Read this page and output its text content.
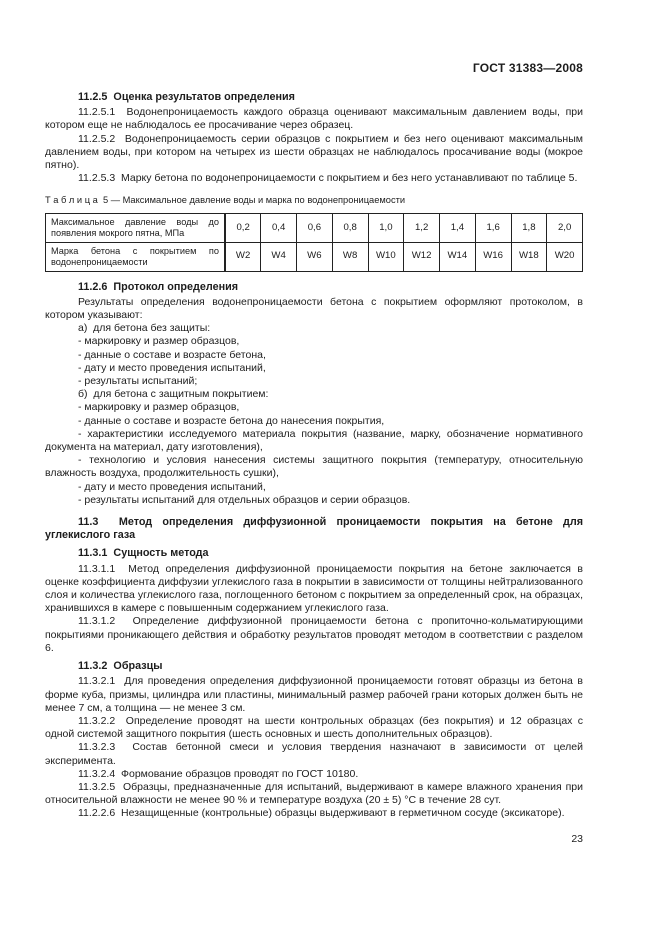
ГОСТ 31383—2008

11.2.5  Оценка результатов определения

11.2.5.1  Водонепроницаемость каждого образца оценивают максимальным давлением воды, при котором еще не наблюдалось ее просачивание через образец.

11.2.5.2  Водонепроницаемость серии образцов с покрытием и без него оценивают максимальным давлением воды, при котором на четырех из шести образцах не наблюдалось просачивание воды (мокрое пятно).

11.2.5.3  Марку бетона по водонепроницаемости с покрытием и без него устанавливают по таблице 5.

Т а б л и ц а  5 — Максимальное давление воды и марка по водонепроницаемости

Максимальное давление воды до появления мокрого пятна, МПа	0,2	0,4	0,6	0,8	1,0	1,2	1,4	1,6	1,8	2,0
Марка бетона с покрытием по водонепроницаемости	W2	W4	W6	W8	W10	W12	W14	W16	W18	W20

11.2.6  Протокол определения

Результаты определения водонепроницаемости бетона с покрытием оформляют протоколом, в котором указывают:

а)  для бетона без защиты:

- маркировку и размер образцов,

- данные о составе и возрасте бетона,

- дату и место проведения испытаний,

- результаты испытаний;

б)  для бетона с защитным покрытием:

- маркировку и размер образцов,

- данные о составе и возрасте бетона до нанесения покрытия,

- характеристики исследуемого материала покрытия (название, марку, обозначение нормативного документа на материал, дату изготовления),

- технологию и условия нанесения системы защитного покрытия (температуру, относительную влажность воздуха, продолжительность сушки),

- дату и место проведения испытаний,

- результаты испытаний для отдельных образцов и серии образцов.

11.3  Метод определения диффузионной проницаемости покрытия на бетоне для углекислого газа

11.3.1  Сущность метода

11.3.1.1  Метод определения диффузионной проницаемости покрытия на бетоне заключается в оценке коэффициента диффузии углекислого газа в покрытии в зависимости от толщины нейтрализованного слоя и количества углекислого газа, поглощенного бетоном с покрытием за определенный срок, на образцах, хранившихся в камере с повышенным содержанием углекислого газа.

11.3.1.2  Определение диффузионной проницаемости бетона с пропиточно-кольматирующими покрытиями проникающего действия и обработку результатов проводят методом в соответствии с разделом 6.

11.3.2  Образцы

11.3.2.1  Для проведения определения диффузионной проницаемости готовят образцы из бетона в форме куба, призмы, цилиндра или пластины, минимальный размер рабочей грани которых должен быть не менее 7 см, а толщина — не менее 3 см.

11.3.2.2  Определение проводят на шести контрольных образцах (без покрытия) и 12 образцах с одной системой защитного покрытия (шесть основных и шесть дополнительных образцов).

11.3.2.3  Состав бетонной смеси и условия твердения назначают в зависимости от целей эксперимента.

11.3.2.4  Формование образцов проводят по ГОСТ 10180.

11.3.2.5  Образцы, предназначенные для испытаний, выдерживают в камере влажного хранения при относительной влажности не менее 90 % и температуре воздуха (20 ± 5) °С в течение 28 сут.

11.2.2.6  Незащищенные (контрольные) образцы выдерживают в герметичном сосуде (эксикаторе).

23
